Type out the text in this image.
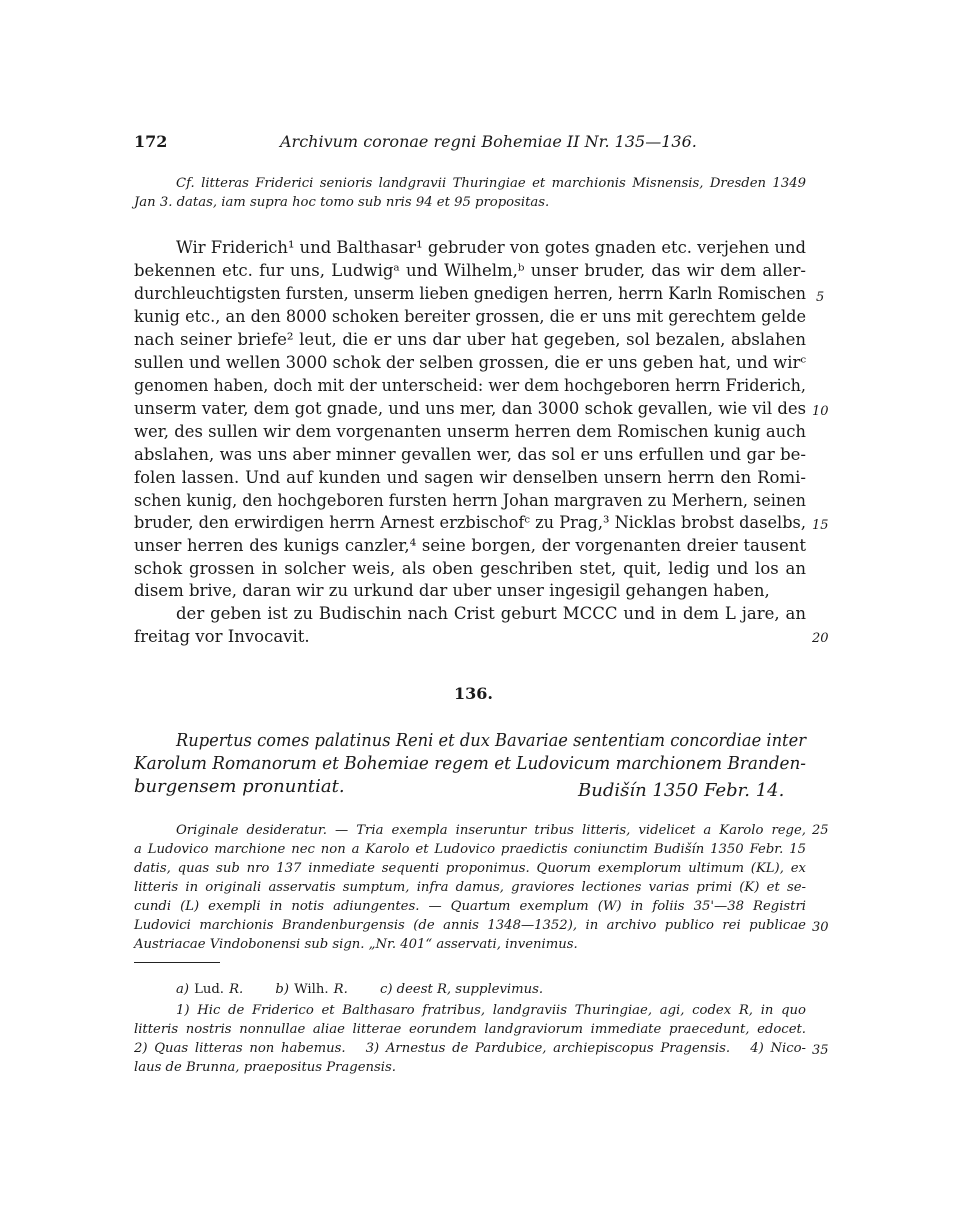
172	Archivum coronae regni Bohemiae II Nr. 135—136.
Cf. litteras Friderici senioris landgravii Thuringiae et marchionis Misnensis, Dresden 1349
Jan 3. datas, iam supra hoc tomo sub nris 94 et 95 propositas.
Wir Friderich¹ und Balthasar¹ gebruder von gotes gnaden etc. verjehen und
bekennen etc. fur uns, Ludwigᵃ und Wilhelm,ᵇ unser bruder, das wir dem aller-
durchleuchtigsten fursten, unserm lieben gnedigen herren, herrn Karln Romischen
kunig etc., an den 8000 schoken bereiter grossen, die er uns mit gerechtem gelde
nach seiner briefe² leut, die er uns dar uber hat gegeben, sol bezalen, abslahen
sullen und wellen 3000 schok der selben grossen, die er uns geben hat, und wirᶜ
genomen haben, doch mit der unterscheid: wer dem hochgeboren herrn Friderich,
unserm vater, dem got gnade, und uns mer, dan 3000 schok gevallen, wie vil des
wer, des sullen wir dem vorgenanten unserm herren dem Romischen kunig auch
abslahen, was uns aber minner gevallen wer, das sol er uns erfullen und gar be-
folen lassen. Und auf kunden und sagen wir denselben unsern herrn den Romi-
schen kunig, den hochgeboren fursten herrn Johan margraven zu Merhern, seinen
bruder, den erwirdigen herrn Arnest erzbischofᶜ zu Prag,³ Nicklas brobst daselbs,
unser herren des kunigs canzler,⁴ seine borgen, der vorgenanten dreier tausent
schok grossen in solcher weis, als oben geschriben stet, quit, ledig und los an
disem brive, daran wir zu urkund dar uber unser ingesigil gehangen haben,
der geben ist zu Budischin nach Crist geburt MCCC und in dem L jare, an
freitag vor Invocavit.
5
10
15
20
136.
Rupertus comes palatinus Reni et dux Bavariae sententiam concordiae inter
Karolum Romanorum et Bohemiae regem et Ludovicum marchionem Branden-
burgensem pronuntiat.	Budišín 1350 Febr. 14.
Originale desideratur. — Tria exempla inseruntur tribus litteris, videlicet a Karolo rege,
a Ludovico marchione nec non a Karolo et Ludovico praedictis coniunctim Budišín 1350 Febr. 15
datis, quas sub nro 137 inmediate sequenti proponimus. Quorum exemplorum ultimum (KL), ex
litteris in originali asservatis sumptum, infra damus, graviores lectiones varias primi (K) et se-
cundi (L) exempli in notis adiungentes. — Quartum exemplum (W) in foliis 35'—38 Registri
Ludovici marchionis Brandenburgensis (de annis 1348—1352), in archivo publico rei publicae
Austriacae Vindobonensi sub sign. „Nr. 401“ asservati, invenimus.
25
30
a) Lud. R. b) Wilh. R. c) deest R, supplevimus.
1) Hic de Friderico et Balthasaro fratribus, landgraviis Thuringiae, agi, codex R, in quo
litteris nostris nonnullae aliae litterae eorundem landgraviorum immediate praecedunt, edocet.
2) Quas litteras non habemus.   3) Arnestus de Pardubice, archiepiscopus Pragensis.   4) Nico-
laus de Brunna, praepositus Pragensis.
35
